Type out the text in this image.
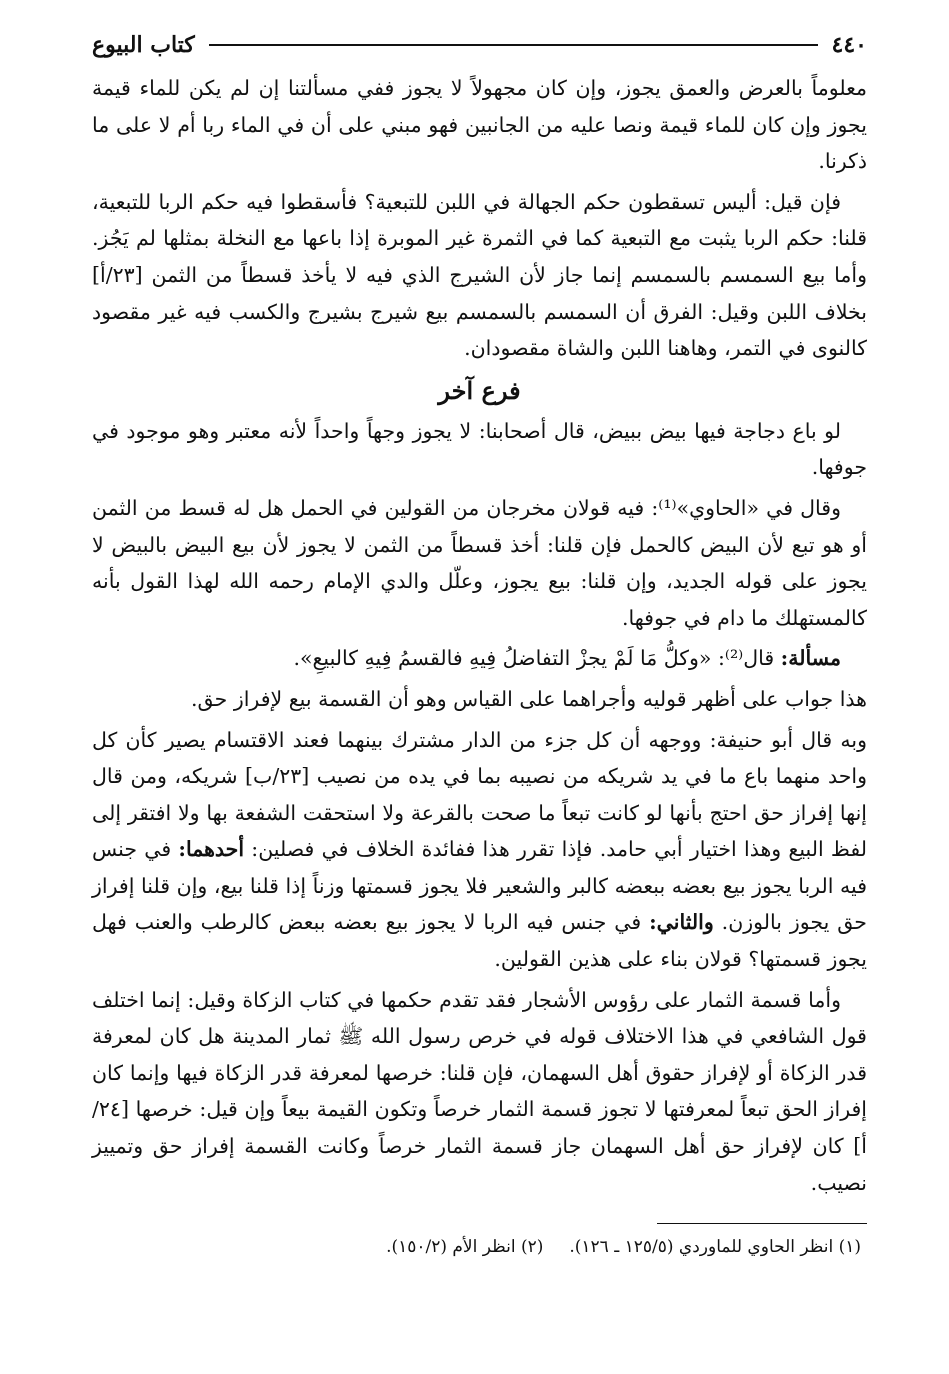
٤٤٠
كتاب البيوع

معلوماً بالعرض والعمق يجوز، وإن كان مجهولاً لا يجوز ففي مسألتنا إن لم يكن للماء قيمة يجوز وإن كان للماء قيمة ونصا عليه من الجانبين فهو مبني على أن في الماء ربا أم لا على ما ذكرنا.

فإن قيل: أليس تسقطون حكم الجهالة في اللبن للتبعية؟ فأسقطوا فيه حكم الربا للتبعية، قلنا: حكم الربا يثبت مع التبعية كما في الثمرة غير الموبرة إذا باعها مع النخلة بمثلها لم يَجُز. وأما بيع السمسم بالسمسم إنما جاز لأن الشيرج الذي فيه لا يأخذ قسطاً من الثمن [٢٣/أ] بخلاف اللبن وقيل: الفرق أن السمسم بالسمسم بيع شيرج بشيرج والكسب فيه غير مقصود كالنوى في التمر، وهاهنا اللبن والشاة مقصودان.

فرع آخر

لو باع دجاجة فيها بيض ببيض، قال أصحابنا: لا يجوز وجهاً واحداً لأنه معتبر وهو موجود في جوفها.

وقال في «الحاوي»⁽¹⁾: فيه قولان مخرجان من القولين في الحمل هل له قسط من الثمن أو هو تبع لأن البيض كالحمل فإن قلنا: أخذ قسطاً من الثمن لا يجوز لأن بيع البيض بالبيض لا يجوز على قوله الجديد، وإن قلنا: بيع يجوز، وعلّل والدي الإمام رحمه الله لهذا القول بأنه كالمستهلك ما دام في جوفها.

مسألة: قال⁽²⁾: «وكلُّ مَا لَمْ يجزْ التفاضلُ فِيهِ فالقسمُ فِيهِ كالبيعِ».

هذا جواب على أظهر قوليه وأجراهما على القياس وهو أن القسمة بيع لإفراز حق.

وبه قال أبو حنيفة: ووجهه أن كل جزء من الدار مشترك بينهما فعند الاقتسام يصير كأن كل واحد منهما باع ما في يد شريكه من نصيبه بما في يده من نصيب [٢٣/ب] شريكه، ومن قال إنها إفراز حق احتج بأنها لو كانت تبعاً ما صحت بالقرعة ولا استحقت الشفعة بها ولا افتقر إلى لفظ البيع وهذا اختيار أبي حامد. فإذا تقرر هذا ففائدة الخلاف في فصلين: أحدهما: في جنس فيه الربا يجوز بيع بعضه ببعضه كالبر والشعير فلا يجوز قسمتها وزناً إذا قلنا بيع، وإن قلنا إفراز حق يجوز بالوزن. والثاني: في جنس فيه الربا لا يجوز بيع بعضه ببعض كالرطب والعنب فهل يجوز قسمتها؟ قولان بناء على هذين القولين.

وأما قسمة الثمار على رؤوس الأشجار فقد تقدم حكمها في كتاب الزكاة وقيل: إنما اختلف قول الشافعي في هذا الاختلاف قوله في خرص رسول الله ﷺ ثمار المدينة هل كان لمعرفة قدر الزكاة أو لإفراز حقوق أهل السهمان، فإن قلنا: خرصها لمعرفة قدر الزكاة فيها وإنما كان إفراز الحق تبعاً لمعرفتها لا تجوز قسمة الثمار خرصاً وتكون القيمة بيعاً وإن قيل: خرصها [٢٤/أ] كان لإفراز حق أهل السهمان جاز قسمة الثمار خرصاً وكانت القسمة إفراز حق وتمييز نصيب.

(١) انظر الحاوي للماوردي (١٢٥/٥ ـ ١٢٦).
(٢) انظر الأم (١٥٠/٢).
